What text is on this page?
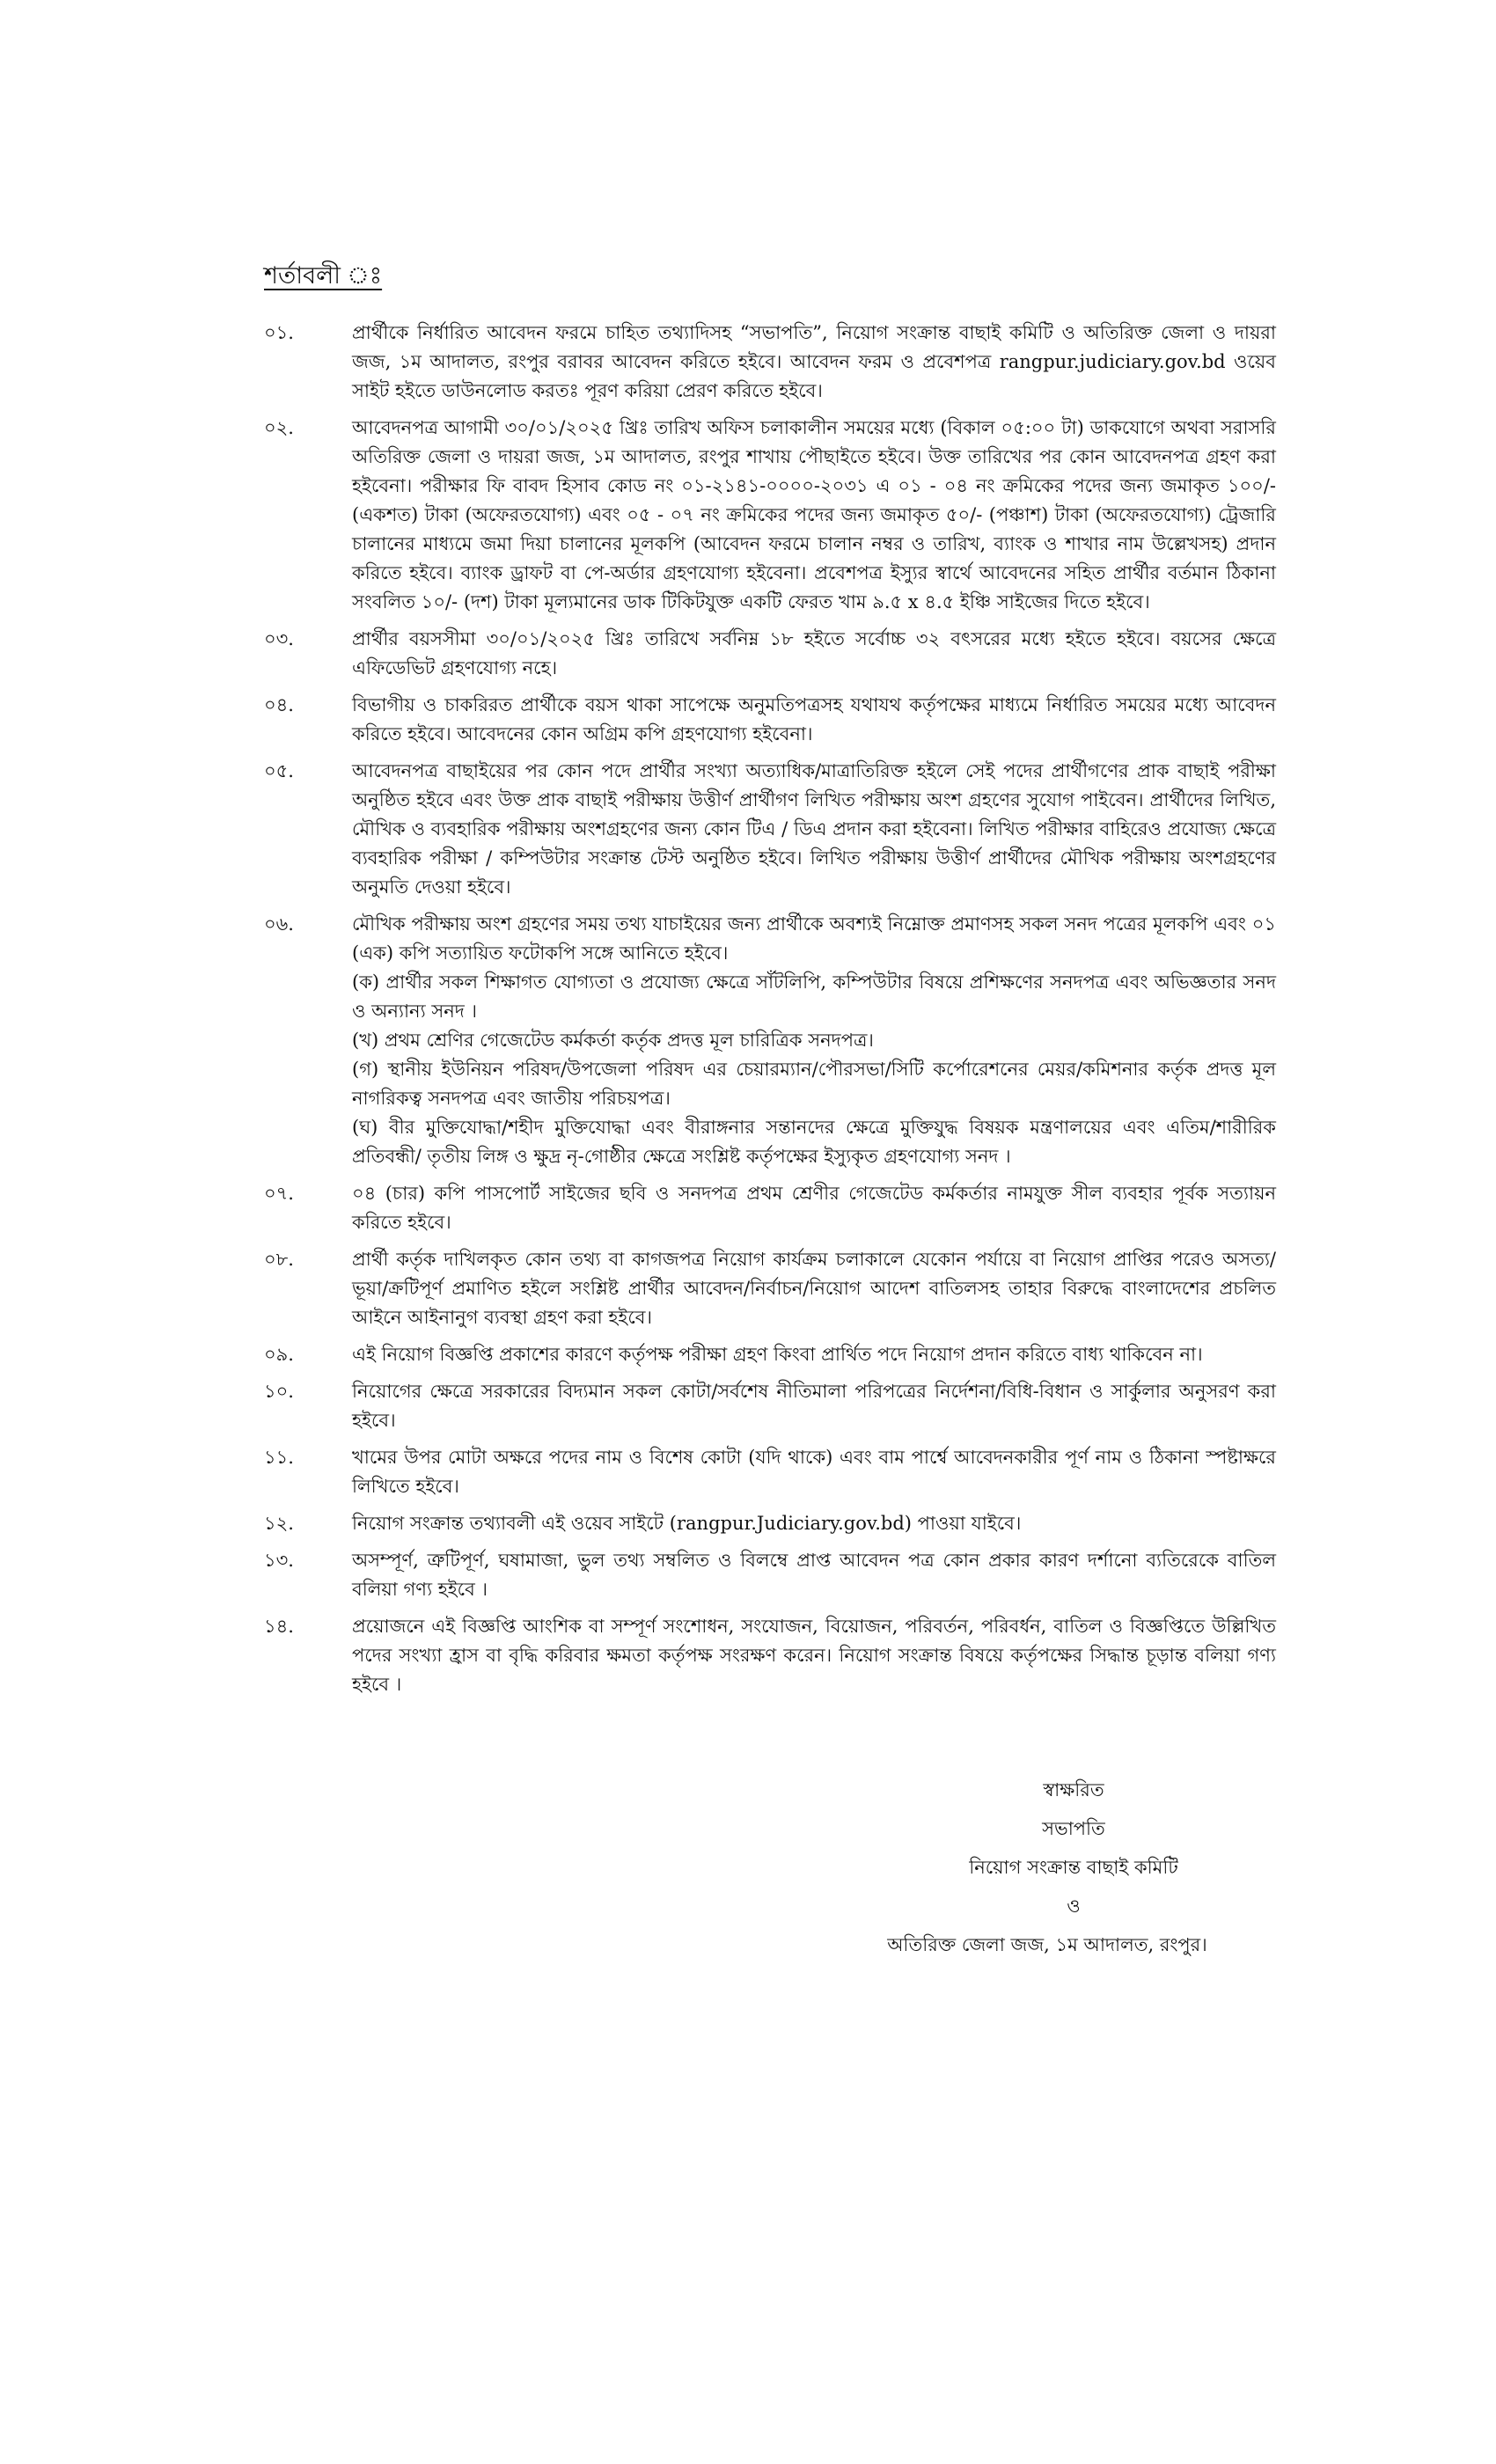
শর্তাবলী ঃ
০১.	প্রার্থীকে নির্ধারিত আবেদন ফরমে চাহিত তথ্যাদিসহ “সভাপতি”, নিয়োগ সংক্রান্ত বাছাই কমিটি ও অতিরিক্ত জেলা ও দায়রা জজ, ১ম আদালত, রংপুর বরাবর আবেদন করিতে হইবে। আবেদন ফরম ও প্রবেশপত্র rangpur.judiciary.gov.bd ওয়েব সাইট হইতে ডাউনলোড করতঃ পূরণ করিয়া প্রেরণ করিতে হইবে।
০২.	আবেদনপত্র আগামী ৩০/০১/২০২৫ খ্রিঃ তারিখ অফিস চলাকালীন সময়ের মধ্যে (বিকাল ০৫:০০ টা) ডাকযোগে অথবা সরাসরি অতিরিক্ত জেলা ও দায়রা জজ, ১ম আদালত, রংপুর শাখায় পৌছাইতে হইবে। উক্ত তারিখের পর কোন আবেদনপত্র গ্রহণ করা হইবেনা। পরীক্ষার ফি বাবদ হিসাব কোড নং ০১-২১৪১-০০০০-২০৩১ এ ০১ - ০৪ নং ক্রমিকের পদের জন্য জমাকৃত ১০০/- (একশত) টাকা (অফেরতযোগ্য) এবং ০৫ - ০৭ নং ক্রমিকের পদের জন্য জমাকৃত ৫০/- (পঞ্চাশ) টাকা (অফেরতযোগ্য) ট্রেজারি চালানের মাধ্যমে জমা দিয়া চালানের মূলকপি (আবেদন ফরমে চালান নম্বর ও তারিখ, ব্যাংক ও শাখার নাম উল্লেখসহ) প্রদান করিতে হইবে। ব্যাংক ড্রাফট বা পে-অর্ডার গ্রহণযোগ্য হইবেনা। প্রবেশপত্র ইস্যুর স্বার্থে আবেদনের সহিত প্রার্থীর বর্তমান ঠিকানা সংবলিত ১০/- (দশ) টাকা মূল্যমানের ডাক টিকিটযুক্ত একটি ফেরত খাম ৯.৫ x ৪.৫ ইঞ্চি সাইজের দিতে হইবে।
০৩.	প্রার্থীর বয়সসীমা ৩০/০১/২০২৫ খ্রিঃ তারিখে সর্বনিম্ন ১৮ হইতে সর্বোচ্চ ৩২ বৎসরের মধ্যে হইতে হইবে। বয়সের ক্ষেত্রে এফিডেভিট গ্রহণযোগ্য নহে।
০৪.	বিভাগীয় ও চাকরিরত প্রার্থীকে বয়স থাকা সাপেক্ষে অনুমতিপত্রসহ যথাযথ কর্তৃপক্ষের মাধ্যমে নির্ধারিত সময়ের মধ্যে আবেদন করিতে হইবে। আবেদনের কোন অগ্রিম কপি গ্রহণযোগ্য হইবেনা।
০৫.	আবেদনপত্র বাছাইয়ের পর কোন পদে প্রার্থীর সংখ্যা অত্যাধিক/মাত্রাতিরিক্ত হইলে সেই পদের প্রার্থীগণের প্রাক বাছাই পরীক্ষা অনুষ্ঠিত হইবে এবং উক্ত প্রাক বাছাই পরীক্ষায় উত্তীর্ণ প্রার্থীগণ লিখিত পরীক্ষায় অংশ গ্রহণের সুযোগ পাইবেন। প্রার্থীদের লিখিত, মৌখিক ও ব্যবহারিক পরীক্ষায় অংশগ্রহণের জন্য কোন টিএ / ডিএ প্রদান করা হইবেনা। লিখিত পরীক্ষার বাহিরেও প্রযোজ্য ক্ষেত্রে ব্যবহারিক পরীক্ষা / কম্পিউটার সংক্রান্ত টেস্ট অনুষ্ঠিত হইবে। লিখিত পরীক্ষায় উত্তীর্ণ প্রার্থীদের মৌখিক পরীক্ষায় অংশগ্রহণের অনুমতি দেওয়া হইবে।
০৬.	মৌখিক পরীক্ষায় অংশ গ্রহণের সময় তথ্য যাচাইয়ের জন্য প্রার্থীকে অবশ্যই নিম্নোক্ত প্রমাণসহ সকল সনদ পত্রের মূলকপি এবং ০১ (এক) কপি সত্যায়িত ফটোকপি সঙ্গে আনিতে হইবে।
(ক) প্রার্থীর সকল শিক্ষাগত যোগ্যতা ও প্রযোজ্য ক্ষেত্রে সাঁটলিপি, কম্পিউটার বিষয়ে প্রশিক্ষণের সনদপত্র এবং অভিজ্ঞতার সনদ ও অন্যান্য সনদ ।
(খ) প্রথম শ্রেণির গেজেটেড কর্মকর্তা কর্তৃক প্রদত্ত মূল চারিত্রিক সনদপত্র।
(গ) স্থানীয় ইউনিয়ন পরিষদ/উপজেলা পরিষদ এর চেয়ারম্যান/পৌরসভা/সিটি কর্পোরেশনের মেয়র/কমিশনার কর্তৃক প্রদত্ত মূল নাগরিকত্ব সনদপত্র এবং জাতীয় পরিচয়পত্র।
(ঘ) বীর মুক্তিযোদ্ধা/শহীদ মুক্তিযোদ্ধা এবং বীরাঙ্গনার সন্তানদের ক্ষেত্রে মুক্তিযুদ্ধ বিষয়ক মন্ত্রণালয়ের এবং এতিম/শারীরিক প্রতিবন্ধী/ তৃতীয় লিঙ্গ ও ক্ষুদ্র নৃ-গোষ্ঠীর ক্ষেত্রে সংশ্লিষ্ট কর্তৃপক্ষের ইস্যুকৃত গ্রহণযোগ্য সনদ ।
০৭.	০৪ (চার) কপি পাসপোর্ট সাইজের ছবি ও সনদপত্র প্রথম শ্রেণীর গেজেটেড কর্মকর্তার নামযুক্ত সীল ব্যবহার পূর্বক সত্যায়ন করিতে হইবে।
০৮.	প্রার্থী কর্তৃক দাখিলকৃত কোন তথ্য বা কাগজপত্র নিয়োগ কার্যক্রম চলাকালে যেকোন পর্যায়ে বা নিয়োগ প্রাপ্তির পরেও অসত্য/ভূয়া/ক্রটিপূর্ণ প্রমাণিত হইলে সংশ্লিষ্ট প্রার্থীর আবেদন/নির্বাচন/নিয়োগ আদেশ বাতিলসহ তাহার বিরুদ্ধে বাংলাদেশের প্রচলিত আইনে আইনানুগ ব্যবস্থা গ্রহণ করা হইবে।
০৯.	এই নিয়োগ বিজ্ঞপ্তি প্রকাশের কারণে কর্তৃপক্ষ পরীক্ষা গ্রহণ কিংবা প্রার্থিত পদে নিয়োগ প্রদান করিতে বাধ্য থাকিবেন না।
১০.	নিয়োগের ক্ষেত্রে সরকারের বিদ্যমান সকল কোটা/সর্বশেষ নীতিমালা পরিপত্রের নির্দেশনা/বিধি-বিধান ও সার্কুলার অনুসরণ করা হইবে।
১১.	খামের উপর মোটা অক্ষরে পদের নাম ও বিশেষ কোটা (যদি থাকে) এবং বাম পার্শ্বে আবেদনকারীর পূর্ণ নাম ও ঠিকানা স্পষ্টাক্ষরে লিখিতে হইবে।
১২.	নিয়োগ সংক্রান্ত তথ্যাবলী এই ওয়েব সাইটে (rangpur.Judiciary.gov.bd) পাওয়া যাইবে।
১৩.	অসম্পূর্ণ, ত্রুটিপূর্ণ, ঘষামাজা, ভুল তথ্য সম্বলিত ও বিলম্বে প্রাপ্ত আবেদন পত্র কোন প্রকার কারণ দর্শানো ব্যতিরেকে বাতিল বলিয়া গণ্য হইবে ।
১৪.	প্রয়োজনে এই বিজ্ঞপ্তি আংশিক বা সম্পূর্ণ সংশোধন, সংযোজন, বিয়োজন, পরিবর্তন, পরিবর্ধন, বাতিল ও বিজ্ঞপ্তিতে উল্লিখিত পদের সংখ্যা হ্রাস বা বৃদ্ধি করিবার ক্ষমতা কর্তৃপক্ষ সংরক্ষণ করেন। নিয়োগ সংক্রান্ত বিষয়ে কর্তৃপক্ষের সিদ্ধান্ত চূড়ান্ত বলিয়া গণ্য হইবে ।
স্বাক্ষরিত
সভাপতি
নিয়োগ সংক্রান্ত বাছাই কমিটি
ও
অতিরিক্ত জেলা জজ, ১ম আদালত, রংপুর।
